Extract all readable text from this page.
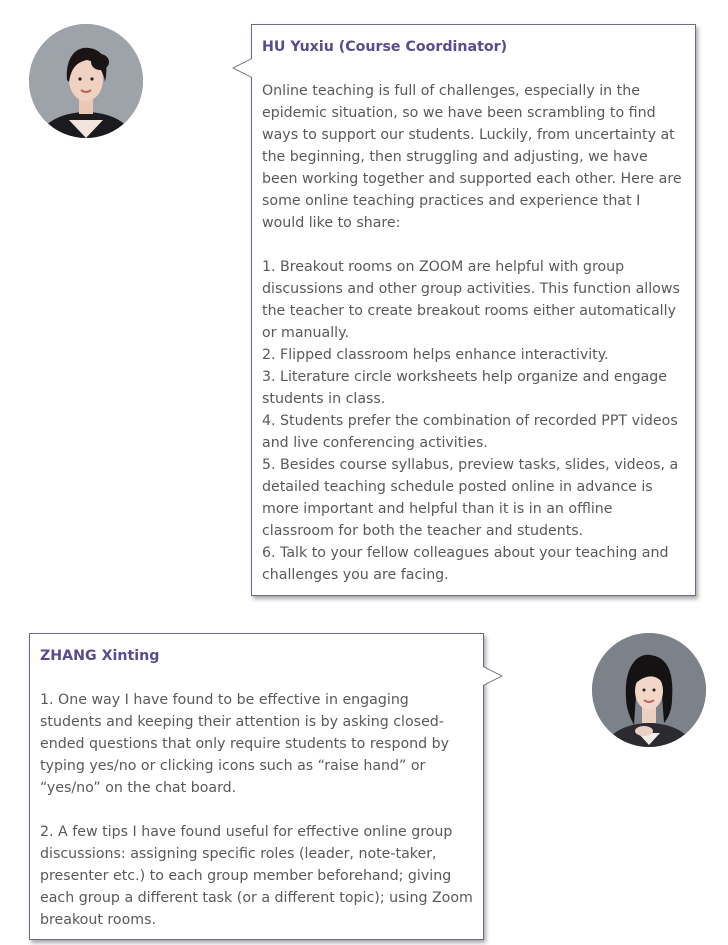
HU Yuxiu (Course Coordinator)

Online teaching is full of challenges, especially in the epidemic situation, so we have been scrambling to find ways to support our students. Luckily, from uncertainty at the beginning, then struggling and adjusting, we have been working together and supported each other. Here are some online teaching practices and experience that I would like to share:

1. Breakout rooms on ZOOM are helpful with group discussions and other group activities. This function allows the teacher to create breakout rooms either automatically or manually.

2. Flipped classroom helps enhance interactivity.

3. Literature circle worksheets help organize and engage students in class.

4. Students prefer the combination of recorded PPT videos and live conferencing activities.

5. Besides course syllabus, preview tasks, slides, videos, a detailed teaching schedule posted online in advance is more important and helpful than it is in an offline classroom for both the teacher and students.

6. Talk to your fellow colleagues about your teaching and challenges you are facing.

ZHANG Xinting

1. One way I have found to be effective in engaging students and keeping their attention is by asking closed-ended questions that only require students to respond by typing yes/no or clicking icons such as “raise hand” or “yes/no” on the chat board.

2. A few tips I have found useful for effective online group discussions: assigning specific roles (leader, note-taker, presenter etc.) to each group member beforehand; giving each group a different task (or a different topic); using Zoom breakout rooms.
